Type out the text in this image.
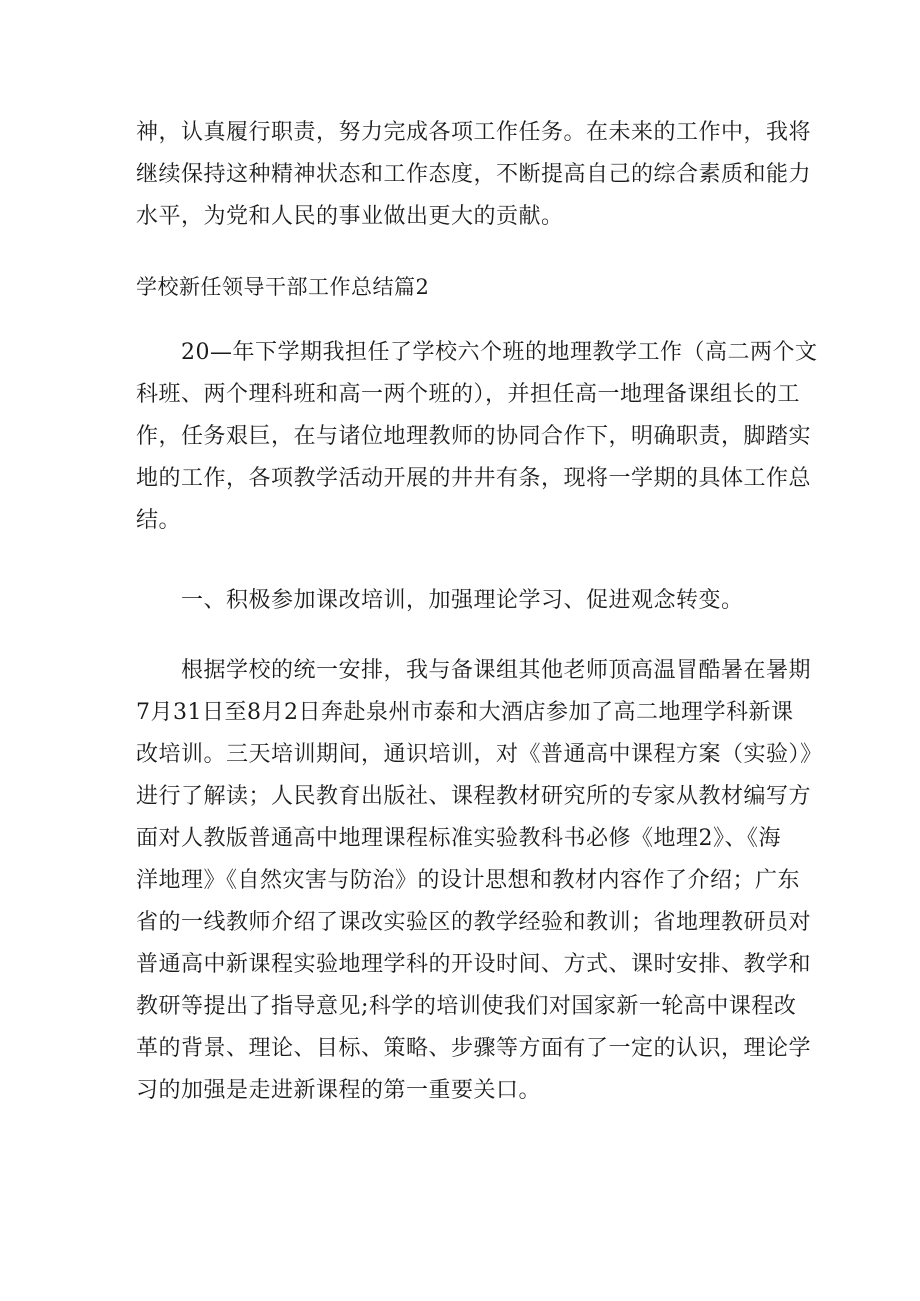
神，认真履行职责，努力完成各项工作任务。在未来的工作中，我将
继续保持这种精神状态和工作态度，不断提高自己的综合素质和能力
水平，为党和人民的事业做出更大的贡献。
学校新任领导干部工作总结篇2
　　20—年下学期我担任了学校六个班的地理教学工作（高二两个文
科班、两个理科班和高一两个班的），并担任高一地理备课组长的工
作，任务艰巨，在与诸位地理教师的协同合作下，明确职责，脚踏实
地的工作，各项教学活动开展的井井有条，现将一学期的具体工作总
结。
　　一、积极参加课改培训，加强理论学习、促进观念转变。
　　根据学校的统一安排，我与备课组其他老师顶高温冒酷暑在暑期
7月31日至8月2日奔赴泉州市泰和大酒店参加了高二地理学科新课
改培训。三天培训期间，通识培训，对《普通高中课程方案（实验）》
进行了解读；人民教育出版社、课程教材研究所的专家从教材编写方
面对人教版普通高中地理课程标准实验教科书必修《地理2》、《海
洋地理》《自然灾害与防治》的设计思想和教材内容作了介绍；广东
省的一线教师介绍了课改实验区的教学经验和教训；省地理教研员对
普通高中新课程实验地理学科的开设时间、方式、课时安排、教学和
教研等提出了指导意见;科学的培训使我们对国家新一轮高中课程改
革的背景、理论、目标、策略、步骤等方面有了一定的认识，理论学
习的加强是走进新课程的第一重要关口。
